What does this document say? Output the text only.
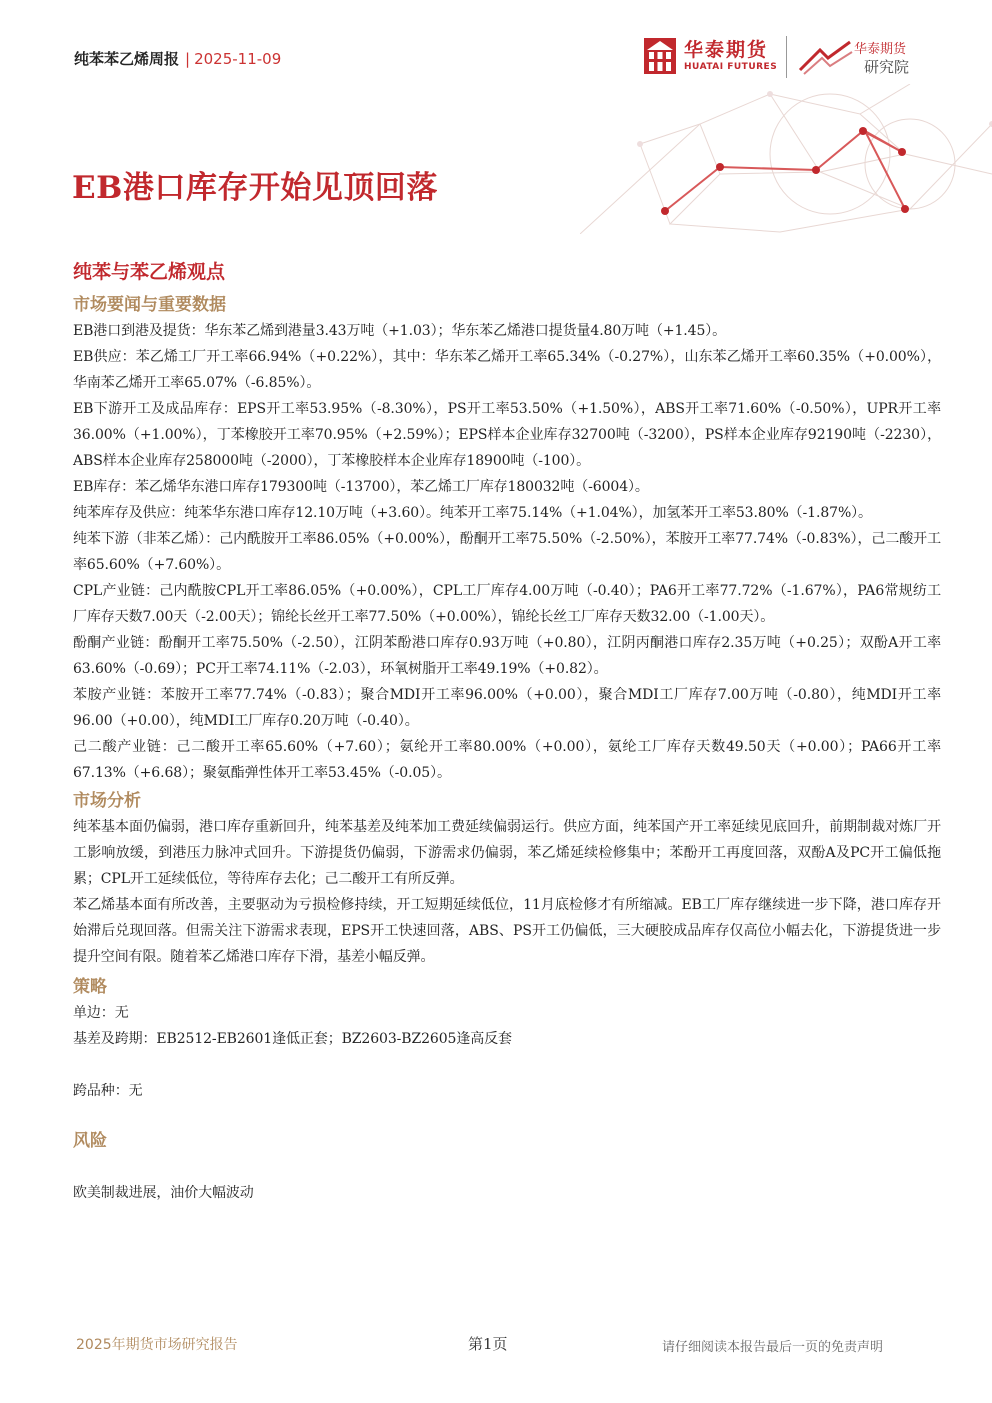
纯苯苯乙烯周报 | 2025-11-09	华泰期货
HUATAI FUTURES
华泰期货
研究院
EB港口库存开始见顶回落
纯苯与苯乙烯观点
市场要闻与重要数据

EB港口到港及提货：华东苯乙烯到港量3.43万吨（+1.03）；华东苯乙烯港口提货量4.80万吨（+1.45）。

EB供应：苯乙烯工厂开工率66.94%（+0.22%），其中：华东苯乙烯开工率65.34%（-0.27%），山东苯乙烯开工率60.35%（+0.00%），华南苯乙烯开工率65.07%（-6.85%）。

EB下游开工及成品库存：EPS开工率53.95%（-8.30%），PS开工率53.50%（+1.50%），ABS开工率71.60%（-0.50%），UPR开工率36.00%（+1.00%），丁苯橡胶开工率70.95%（+2.59%）；EPS样本企业库存32700吨（-3200），PS样本企业库存92190吨（-2230），ABS样本企业库存258000吨（-2000），丁苯橡胶样本企业库存18900吨（-100）。

EB库存：苯乙烯华东港口库存179300吨（-13700），苯乙烯工厂库存180032吨（-6004）。

纯苯库存及供应：纯苯华东港口库存12.10万吨（+3.60）。纯苯开工率75.14%（+1.04%），加氢苯开工率53.80%（-1.87%）。

纯苯下游（非苯乙烯）：己内酰胺开工率86.05%（+0.00%），酚酮开工率75.50%（-2.50%），苯胺开工率77.74%（-0.83%），己二酸开工率65.60%（+7.60%）。

CPL产业链：己内酰胺CPL开工率86.05%（+0.00%），CPL工厂库存4.00万吨（-0.40）；PA6开工率77.72%（-1.67%），PA6常规纺工厂库存天数7.00天（-2.00天）；锦纶长丝开工率77.50%（+0.00%），锦纶长丝工厂库存天数32.00（-1.00天）。

酚酮产业链：酚酮开工率75.50%（-2.50），江阴苯酚港口库存0.93万吨（+0.80），江阴丙酮港口库存2.35万吨（+0.25）；双酚A开工率63.60%（-0.69）；PC开工率74.11%（-2.03），环氧树脂开工率49.19%（+0.82）。

苯胺产业链：苯胺开工率77.74%（-0.83）；聚合MDI开工率96.00%（+0.00），聚合MDI工厂库存7.00万吨（-0.80），纯MDI开工率96.00（+0.00），纯MDI工厂库存0.20万吨（-0.40）。

己二酸产业链：己二酸开工率65.60%（+7.60）；氨纶开工率80.00%（+0.00），氨纶工厂库存天数49.50天（+0.00）；PA66开工率67.13%（+6.68）；聚氨酯弹性体开工率53.45%（-0.05）。

市场分析

纯苯基本面仍偏弱，港口库存重新回升，纯苯基差及纯苯加工费延续偏弱运行。供应方面，纯苯国产开工率延续见底回升，前期制裁对炼厂开工影响放缓，到港压力脉冲式回升。下游提货仍偏弱，下游需求仍偏弱，苯乙烯延续检修集中；苯酚开工再度回落，双酚A及PC开工偏低拖累；CPL开工延续低位，等待库存去化；己二酸开工有所反弹。

苯乙烯基本面有所改善，主要驱动为亏损检修持续，开工短期延续低位，11月底检修才有所缩减。EB工厂库存继续进一步下降，港口库存开始滞后兑现回落。但需关注下游需求表现，EPS开工快速回落，ABS、PS开工仍偏低，三大硬胶成品库存仅高位小幅去化，下游提货进一步提升空间有限。随着苯乙烯港口库存下滑，基差小幅反弹。

策略

单边：无

基差及跨期：EB2512-EB2601逢低正套；BZ2603-BZ2605逢高反套

跨品种：无

风险

欧美制裁进展，油价大幅波动

2025年期货市场研究报告	第1页	请仔细阅读本报告最后一页的免责声明
